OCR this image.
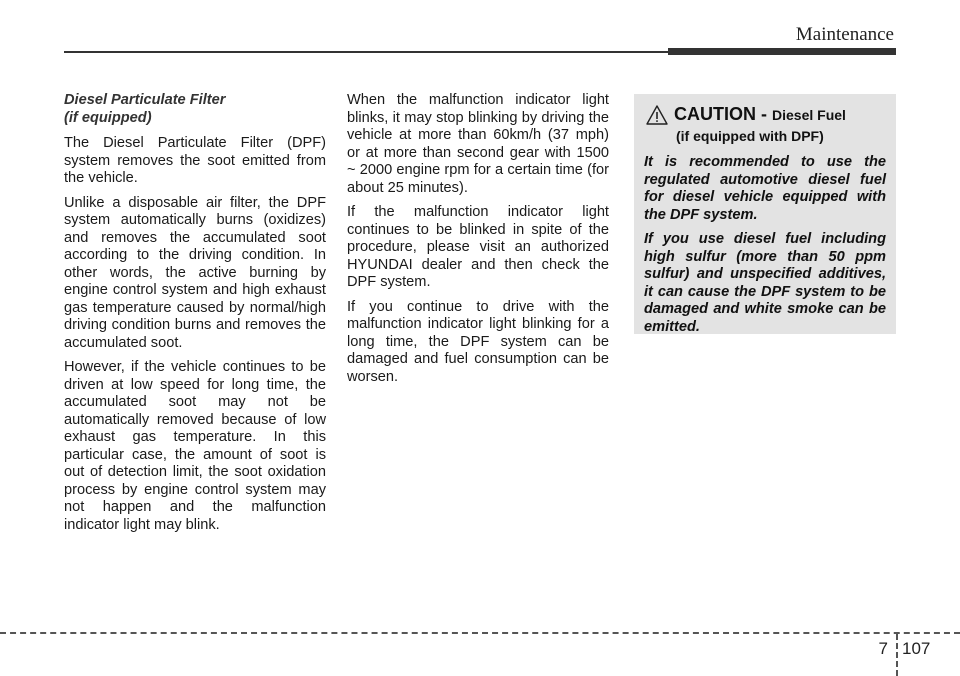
Maintenance
Diesel Particulate Filter
(if equipped)

The Diesel Particulate Filter (DPF) system removes the soot emitted from the vehicle.

Unlike a disposable air filter, the DPF system automatically burns (oxidizes) and removes the accumulated soot according to the driving condition. In other words, the active burning by engine control system and high exhaust gas temperature caused by normal/high driving condition burns and removes the accumulated soot.

However, if the vehicle continues to be driven at low speed for long time, the accumulated soot may not be automatically removed because of low exhaust gas temperature. In this particular case, the amount of soot is out of detection limit, the soot oxidation process by engine control system may not happen and the malfunction indicator light may blink.

When the malfunction indicator light blinks, it may stop blinking by driving the vehicle at more than 60km/h (37 mph) or at more than second gear with 1500 ~ 2000 engine rpm for a certain time (for about 25 minutes).

If the malfunction indicator light continues to be blinked in spite of the procedure, please visit an authorized HYUNDAI dealer and then check the DPF system.

If you continue to drive with the malfunction indicator light blinking for a long time, the DPF system can be damaged and fuel consumption can be worsen.

CAUTION - Diesel Fuel
(if equipped with DPF)

It is recommended to use the regulated automotive diesel fuel for diesel vehicle equipped with the DPF system.

If you use diesel fuel including high sulfur (more than 50 ppm sulfur) and unspecified additives, it can cause the DPF system to be damaged and white smoke can be emitted.

7 107
